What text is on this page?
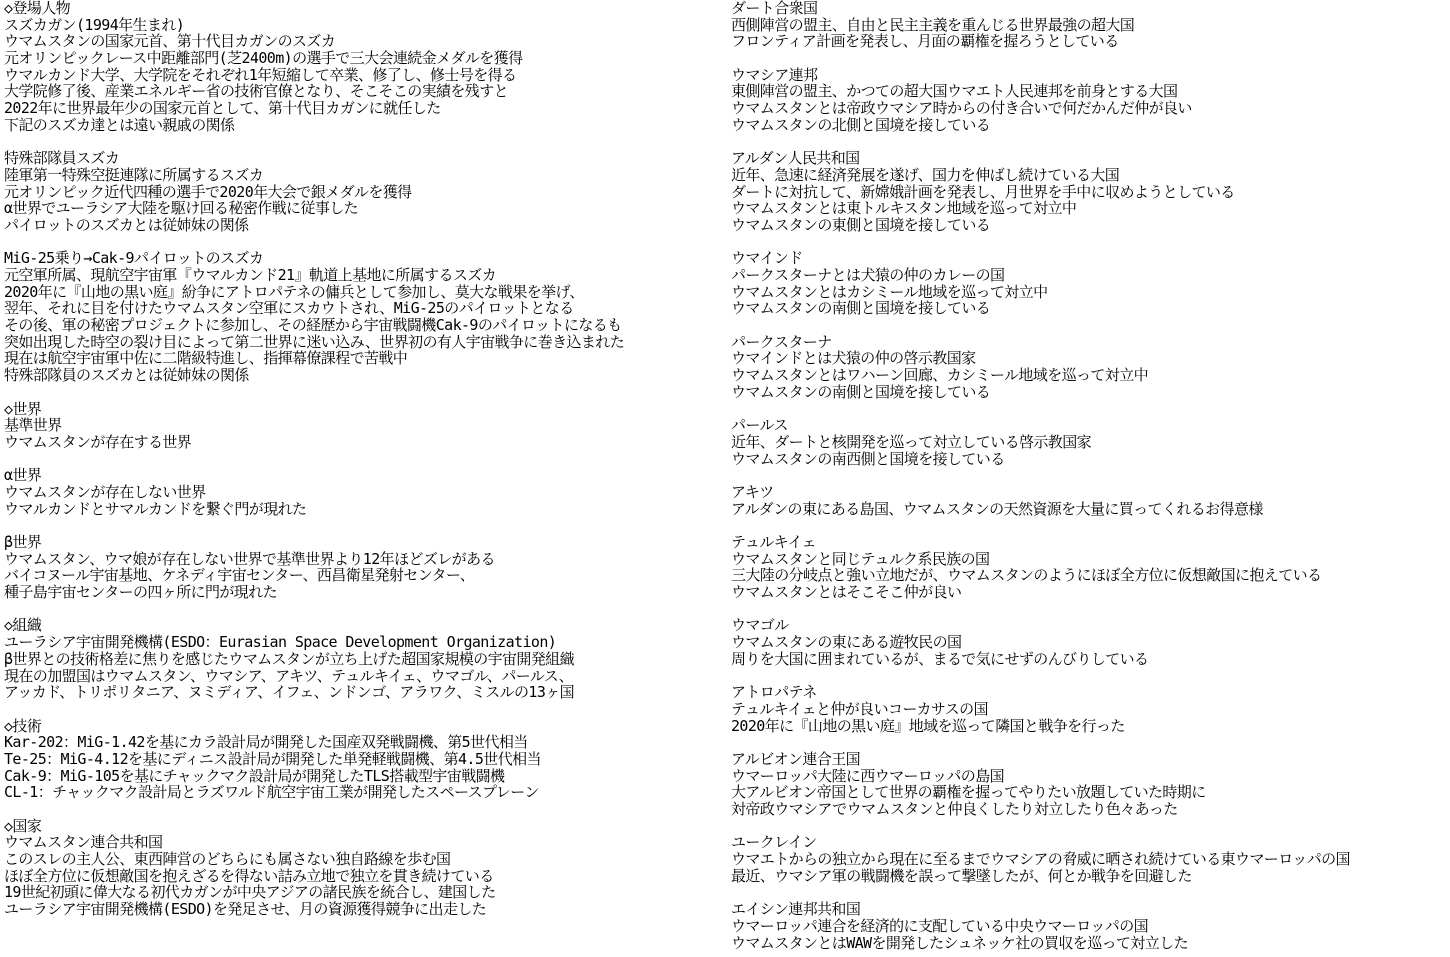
◇登場人物
スズカガン(1994年生まれ)
ウマムスタンの国家元首、第十代目カガンのスズカ
元オリンピックレース中距離部門(芝2400m)の選手で三大会連続金メダルを獲得
ウマルカンド大学、大学院をそれぞれ1年短縮して卒業、修了し、修士号を得る
大学院修了後、産業エネルギー省の技術官僚となり、そこそこの実績を残すと
2022年に世界最年少の国家元首として、第十代目カガンに就任した
下記のスズカ達とは遠い親戚の関係
特殊部隊員スズカ
陸軍第一特殊空挺連隊に所属するスズカ
元オリンピック近代四種の選手で2020年大会で銀メダルを獲得
α世界でユーラシア大陸を駆け回る秘密作戦に従事した
パイロットのスズカとは従姉妹の関係
MiG-25乗り→Cak-9パイロットのスズカ
元空軍所属、現航空宇宙軍『ウマルカンド21』軌道上基地に所属するスズカ
2020年に『山地の黒い庭』紛争にアトロパテネの傭兵として参加し、莫大な戦果を挙げ、
翌年、それに目を付けたウマムスタン空軍にスカウトされ、MiG-25のパイロットとなる
その後、軍の秘密プロジェクトに参加し、その経歴から宇宙戦闘機Cak-9のパイロットになるも
突如出現した時空の裂け目によって第二世界に迷い込み、世界初の有人宇宙戦争に巻き込まれた
現在は航空宇宙軍中佐に二階級特進し、指揮幕僚課程で苦戦中
特殊部隊員のスズカとは従姉妹の関係
◇世界
基準世界
ウマムスタンが存在する世界
α世界
ウマムスタンが存在しない世界
ウマルカンドとサマルカンドを繋ぐ門が現れた
β世界
ウマムスタン、ウマ娘が存在しない世界で基準世界より12年ほどズレがある
バイコヌール宇宙基地、ケネディ宇宙センター、西昌衛星発射センター、
種子島宇宙センターの四ヶ所に門が現れた
◇組織
ユーラシア宇宙開発機構(ESDO：Eurasian Space Development Organization)
β世界との技術格差に焦りを感じたウマムスタンが立ち上げた超国家規模の宇宙開発組織
現在の加盟国はウマムスタン、ウマシア、アキツ、テュルキイェ、ウマゴル、パールス、
アッカド、トリポリタニア、ヌミディア、イフェ、ンドンゴ、アラワク、ミスルの13ヶ国
◇技術
Kar-202：MiG-1.42を基にカラ設計局が開発した国産双発戦闘機、第5世代相当
Te-25：MiG-4.12を基にディニス設計局が開発した単発軽戦闘機、第4.5世代相当
Cak-9：MiG-105を基にチャックマク設計局が開発したTLS搭載型宇宙戦闘機
CL-1：チャックマク設計局とラズワルド航空宇宙工業が開発したスペースプレーン
◇国家
ウマムスタン連合共和国
このスレの主人公、東西陣営のどちらにも属さない独自路線を歩む国
ほぼ全方位に仮想敵国を抱えざるを得ない詰み立地で独立を貫き続けている
19世紀初頭に偉大なる初代カガンが中央アジアの諸民族を統合し、建国した
ユーラシア宇宙開発機構(ESDO)を発足させ、月の資源獲得競争に出走した
ダート合衆国
西側陣営の盟主、自由と民主主義を重んじる世界最強の超大国
フロンティア計画を発表し、月面の覇権を握ろうとしている
ウマシア連邦
東側陣営の盟主、かつての超大国ウマエト人民連邦を前身とする大国
ウマムスタンとは帝政ウマシア時からの付き合いで何だかんだ仲が良い
ウマムスタンの北側と国境を接している
アルダン人民共和国
近年、急速に経済発展を遂げ、国力を伸ばし続けている大国
ダートに対抗して、新嫦娥計画を発表し、月世界を手中に収めようとしている
ウマムスタンとは東トルキスタン地域を巡って対立中
ウマムスタンの東側と国境を接している
ウマインド
パークスターナとは犬猿の仲のカレーの国
ウマムスタンとはカシミール地域を巡って対立中
ウマムスタンの南側と国境を接している
パークスターナ
ウマインドとは犬猿の仲の啓示教国家
ウマムスタンとはワハーン回廊、カシミール地域を巡って対立中
ウマムスタンの南側と国境を接している
パールス
近年、ダートと核開発を巡って対立している啓示教国家
ウマムスタンの南西側と国境を接している
アキツ
アルダンの東にある島国、ウマムスタンの天然資源を大量に買ってくれるお得意様
テュルキイェ
ウマムスタンと同じテュルク系民族の国
三大陸の分岐点と強い立地だが、ウマムスタンのようにほぼ全方位に仮想敵国に抱えている
ウマムスタンとはそこそこ仲が良い
ウマゴル
ウマムスタンの東にある遊牧民の国
周りを大国に囲まれているが、まるで気にせずのんびりしている
アトロパテネ
テュルキイェと仲が良いコーカサスの国
2020年に『山地の黒い庭』地域を巡って隣国と戦争を行った
アルビオン連合王国
ウマーロッパ大陸に西ウマーロッパの島国
大アルビオン帝国として世界の覇権を握ってやりたい放題していた時期に
対帝政ウマシアでウマムスタンと仲良くしたり対立したり色々あった
ユークレイン
ウマエトからの独立から現在に至るまでウマシアの脅威に晒され続けている東ウマーロッパの国
最近、ウマシア軍の戦闘機を誤って撃墜したが、何とか戦争を回避した
エイシン連邦共和国
ウマーロッパ連合を経済的に支配している中央ウマーロッパの国
ウマムスタンとはWAWを開発したシュネッケ社の買収を巡って対立した
